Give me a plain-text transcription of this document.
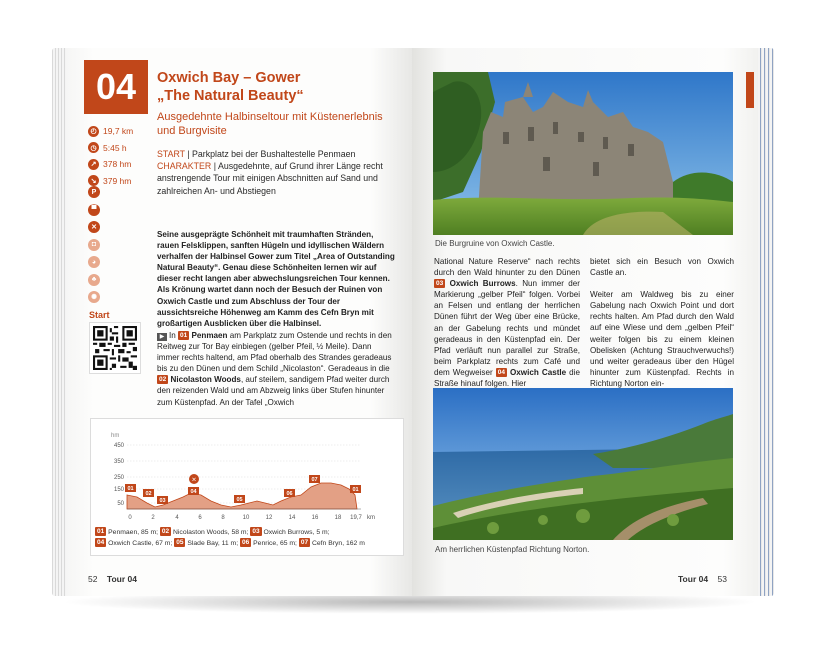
04	Oxwich Bay – Gower
„The Natural Beauty“
Ausgedehnte Halbinseltour mit Küstenerlebnis und Burgvisite
◴ 19,7 km
◷ 5:45 h
↗ 378 hm
↘ 379 hm
P
▀
✕
◘
◕
♣
✺
Start
START | Parkplatz bei der Bushaltestelle Penmaen
CHARAKTER | Ausgedehnte, auf Grund ihrer Länge recht anstrengende Tour mit einigen Abschnitten auf Sand und zahlreichen An- und Abstiegen
Seine ausgeprägte Schönheit mit traumhaften Stränden, rauen Felsklippen, sanften Hügeln und idyllischen Wäldern verhalfen der Halbinsel Gower zum Titel „Area of Outstanding Natural Beauty“. Genau diese Schönheiten lernen wir auf dieser recht langen aber abwechslungsreichen Tour kennen. Als Krönung wartet dann noch der Besuch der Ruinen von Oxwich Castle und zum Abschluss der Tour der aussichtsreiche Höhenweg am Kamm des Cefn Bryn mit großartigen Ausblicken über die Halbinsel.
▶ In 01 Penmaen am Parkplatz zum Ostende und rechts in den Reitweg zur Tor Bay einbiegen (gelber Pfeil, ½ Meile). Dann immer rechts haltend, am Pfad oberhalb des Strandes geradeaus bis zu den Dünen und dem Schild „Nicolaston“. Geradeaus in die 02 Nicolaston Woods, auf steilem, sandigem Pfad weiter durch den reizenden Wald und am Abzweig links über Stufen hinunter zum Küstenpfad. An der Tafel „Oxwich
hm
450
350
250
150
50
0	2	4	6	8	10	12	14	16	18 19,7 km
01
02
03
04
05
06
07
01
✕
01 Penmaen, 85 m; 02 Nicolaston Woods, 58 m; 03 Oxwich Burrows, 5 m;
04 Oxwich Castle, 67 m; 05 Slade Bay, 11 m; 06 Penrice, 65 m; 07 Cefn Bryn, 162 m
52 Tour 04
Die Burgruine von Oxwich Castle.
National Nature Reserve“ nach rechts durch den Wald hinunter zu den Dünen 03 Oxwich Burrows. Nun immer der Markierung „gelber Pfeil“ folgen. Vorbei an Felsen und entlang der herrlichen Dünen führt der Weg über eine Brücke, an der Gabelung rechts und mündet geradeaus in den Küstenpfad ein. Der Pfad verläuft nun parallel zur Straße, beim Parkplatz rechts zum Café und dem Wegweiser 04 Oxwich Castle die Straße hinauf folgen. Hier
bietet sich ein Besuch von Oxwich Castle an.
Weiter am Waldweg bis zu einer Gabelung nach Oxwich Point und dort rechts halten. Am Pfad durch den Wald auf eine Wiese und dem „gelben Pfeil“ weiter folgen bis zu einem kleinen Obelisken (Achtung Strauchverwuchs!) und weiter geradeaus über den Hügel hinunter zum Küstenpfad. Rechts in Richtung Norton ein-
Am herrlichen Küstenpfad Richtung Norton.
Tour 04 53
